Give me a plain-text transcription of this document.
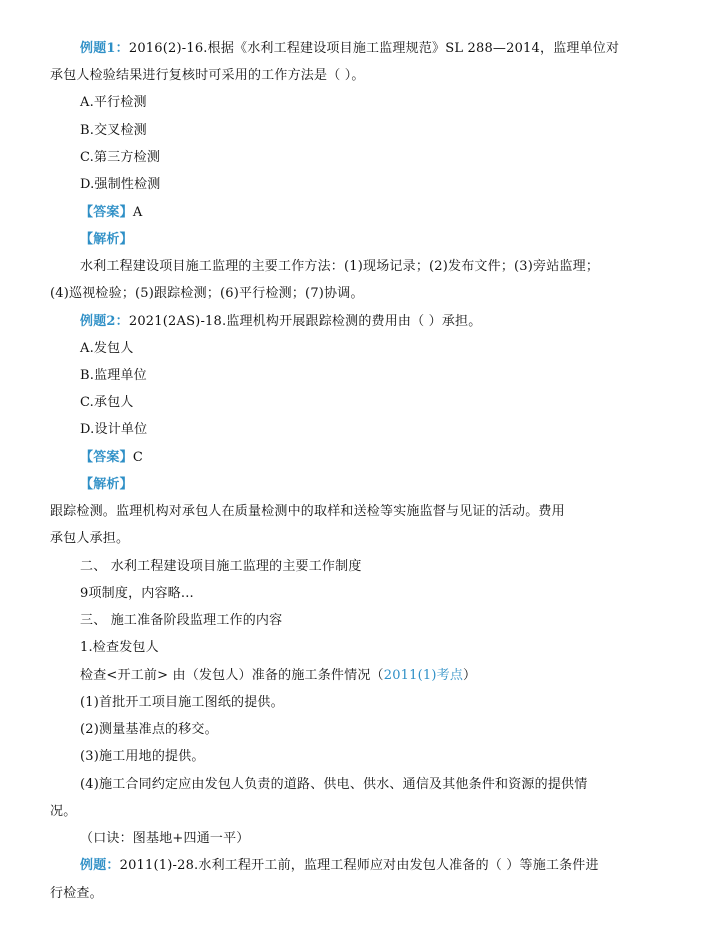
例题1：2016(2)-16.根据《水利工程建设项目施工监理规范》SL 288—2014，监理单位对
承包人检验结果进行复核时可采用的工作方法是（ ）。
A.平行检测
B.交叉检测
C.第三方检测
D.强制性检测
【答案】A
【解析】
水利工程建设项目施工监理的主要工作方法：(1)现场记录；(2)发布文件；(3)旁站监理；
(4)巡视检验；(5)跟踪检测；(6)平行检测；(7)协调。
例题2：2021(2AS)-18.监理机构开展跟踪检测的费用由（ ）承担。
A.发包人
B.监理单位
C.承包人
D.设计单位
【答案】C
【解析】
跟踪检测。监理机构对承包人在质量检测中的取样和送检等实施监督与见证的活动。费用
承包人承担。
二、 水利工程建设项目施工监理的主要工作制度
9项制度，内容略...
三、 施工准备阶段监理工作的内容
1.检查发包人
检查<开工前> 由（发包人）准备的施工条件情况（2011(1)考点）
(1)首批开工项目施工图纸的提供。
(2)测量基准点的移交。
(3)施工用地的提供。
(4)施工合同约定应由发包人负责的道路、供电、供水、通信及其他条件和资源的提供情
况。
（口诀：图基地+四通一平）
例题：2011(1)-28.水利工程开工前，监理工程师应对由发包人准备的（ ）等施工条件进
行检查。
